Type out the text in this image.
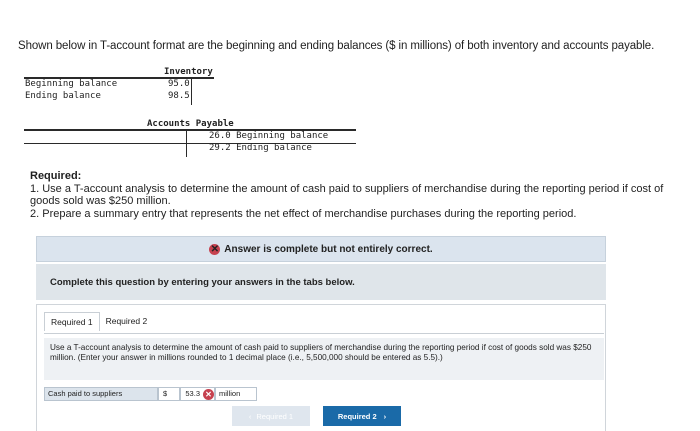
Shown below in T-account format are the beginning and ending balances ($ in millions) of both inventory and accounts payable.
Inventory
Beginning balance	95.0
Ending balance	98.5
Accounts Payable
26.0 Beginning balance
29.2 Ending balance
Required:
1. Use a T-account analysis to determine the amount of cash paid to suppliers of merchandise during the reporting period if cost of goods sold was $250 million.
2. Prepare a summary entry that represents the net effect of merchandise purchases during the reporting period.
✕ Answer is complete but not entirely correct.
Complete this question by entering your answers in the tabs below.
Required 1	Required 2
Use a T-account analysis to determine the amount of cash paid to suppliers of merchandise during the reporting period if cost of goods sold was $250 million. (Enter your answer in millions rounded to 1 decimal place (i.e., 5,500,000 should be entered as 5.5).)
Cash paid to suppliers	$	53.3 ✕ million
‹ Required 1	Required 2 ›
